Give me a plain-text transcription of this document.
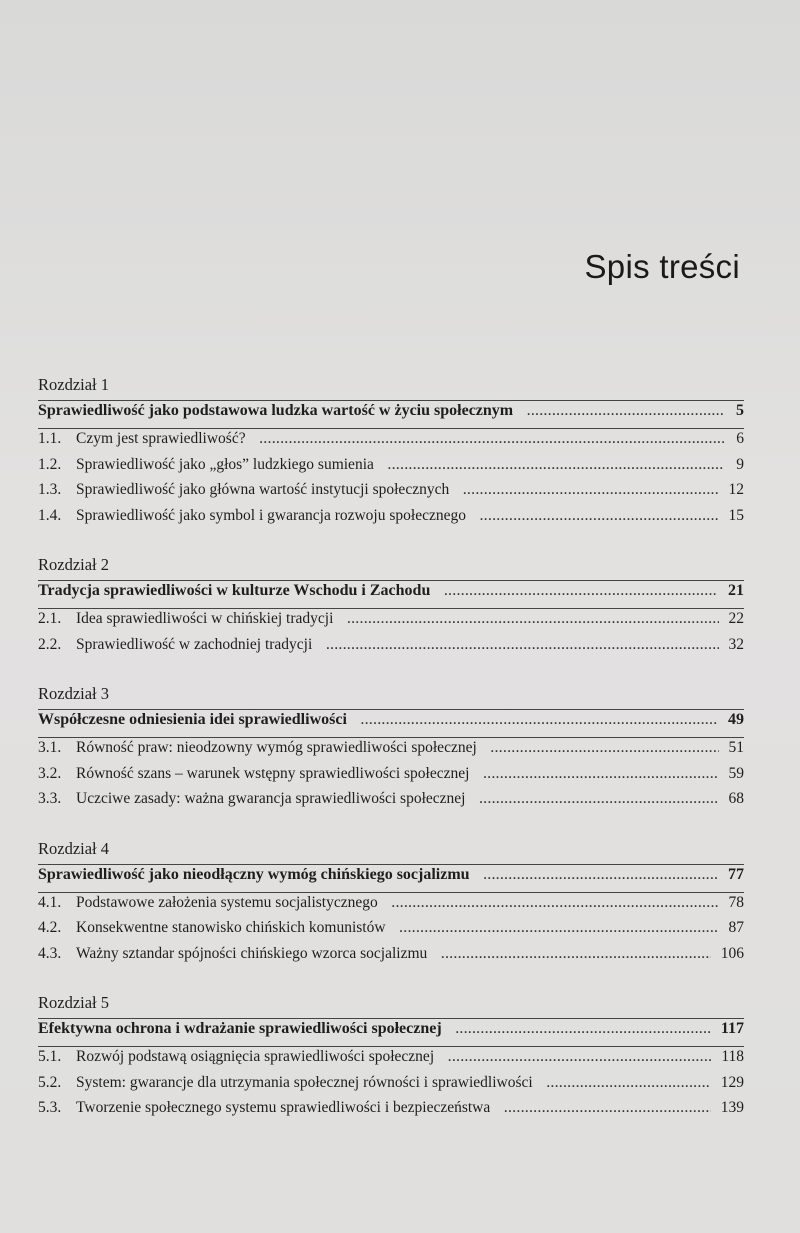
Spis treści
Rozdział 1
Sprawiedliwość jako podstawowa ludzka wartość w życiu społecznym .....	5
1.1. Czym jest sprawiedliwość? .....	6
1.2. Sprawiedliwość jako „głos” ludzkiego sumienia .....	9
1.3. Sprawiedliwość jako główna wartość instytucji społecznych .....	12
1.4. Sprawiedliwość jako symbol i gwarancja rozwoju społecznego .....	15
Rozdział 2
Tradycja sprawiedliwości w kulturze Wschodu i Zachodu .....	21
2.1. Idea sprawiedliwości w chińskiej tradycji .....	22
2.2. Sprawiedliwość w zachodniej tradycji .....	32
Rozdział 3
Współczesne odniesienia idei sprawiedliwości .....	49
3.1. Równość praw: nieodzowny wymóg sprawiedliwości społecznej .....	51
3.2. Równość szans – warunek wstępny sprawiedliwości społecznej .....	59
3.3. Uczciwe zasady: ważna gwarancja sprawiedliwości społecznej .....	68
Rozdział 4
Sprawiedliwość jako nieodłączny wymóg chińskiego socjalizmu .....	77
4.1. Podstawowe założenia systemu socjalistycznego .....	78
4.2. Konsekwentne stanowisko chińskich komunistów .....	87
4.3. Ważny sztandar spójności chińskiego wzorca socjalizmu .....	106
Rozdział 5
Efektywna ochrona i wdrażanie sprawiedliwości społecznej .....	117
5.1. Rozwój podstawą osiągnięcia sprawiedliwości społecznej .....	118
5.2. System: gwarancje dla utrzymania społecznej równości i sprawiedliwości .....	129
5.3. Tworzenie społecznego systemu sprawiedliwości i bezpieczeństwa .....	139
